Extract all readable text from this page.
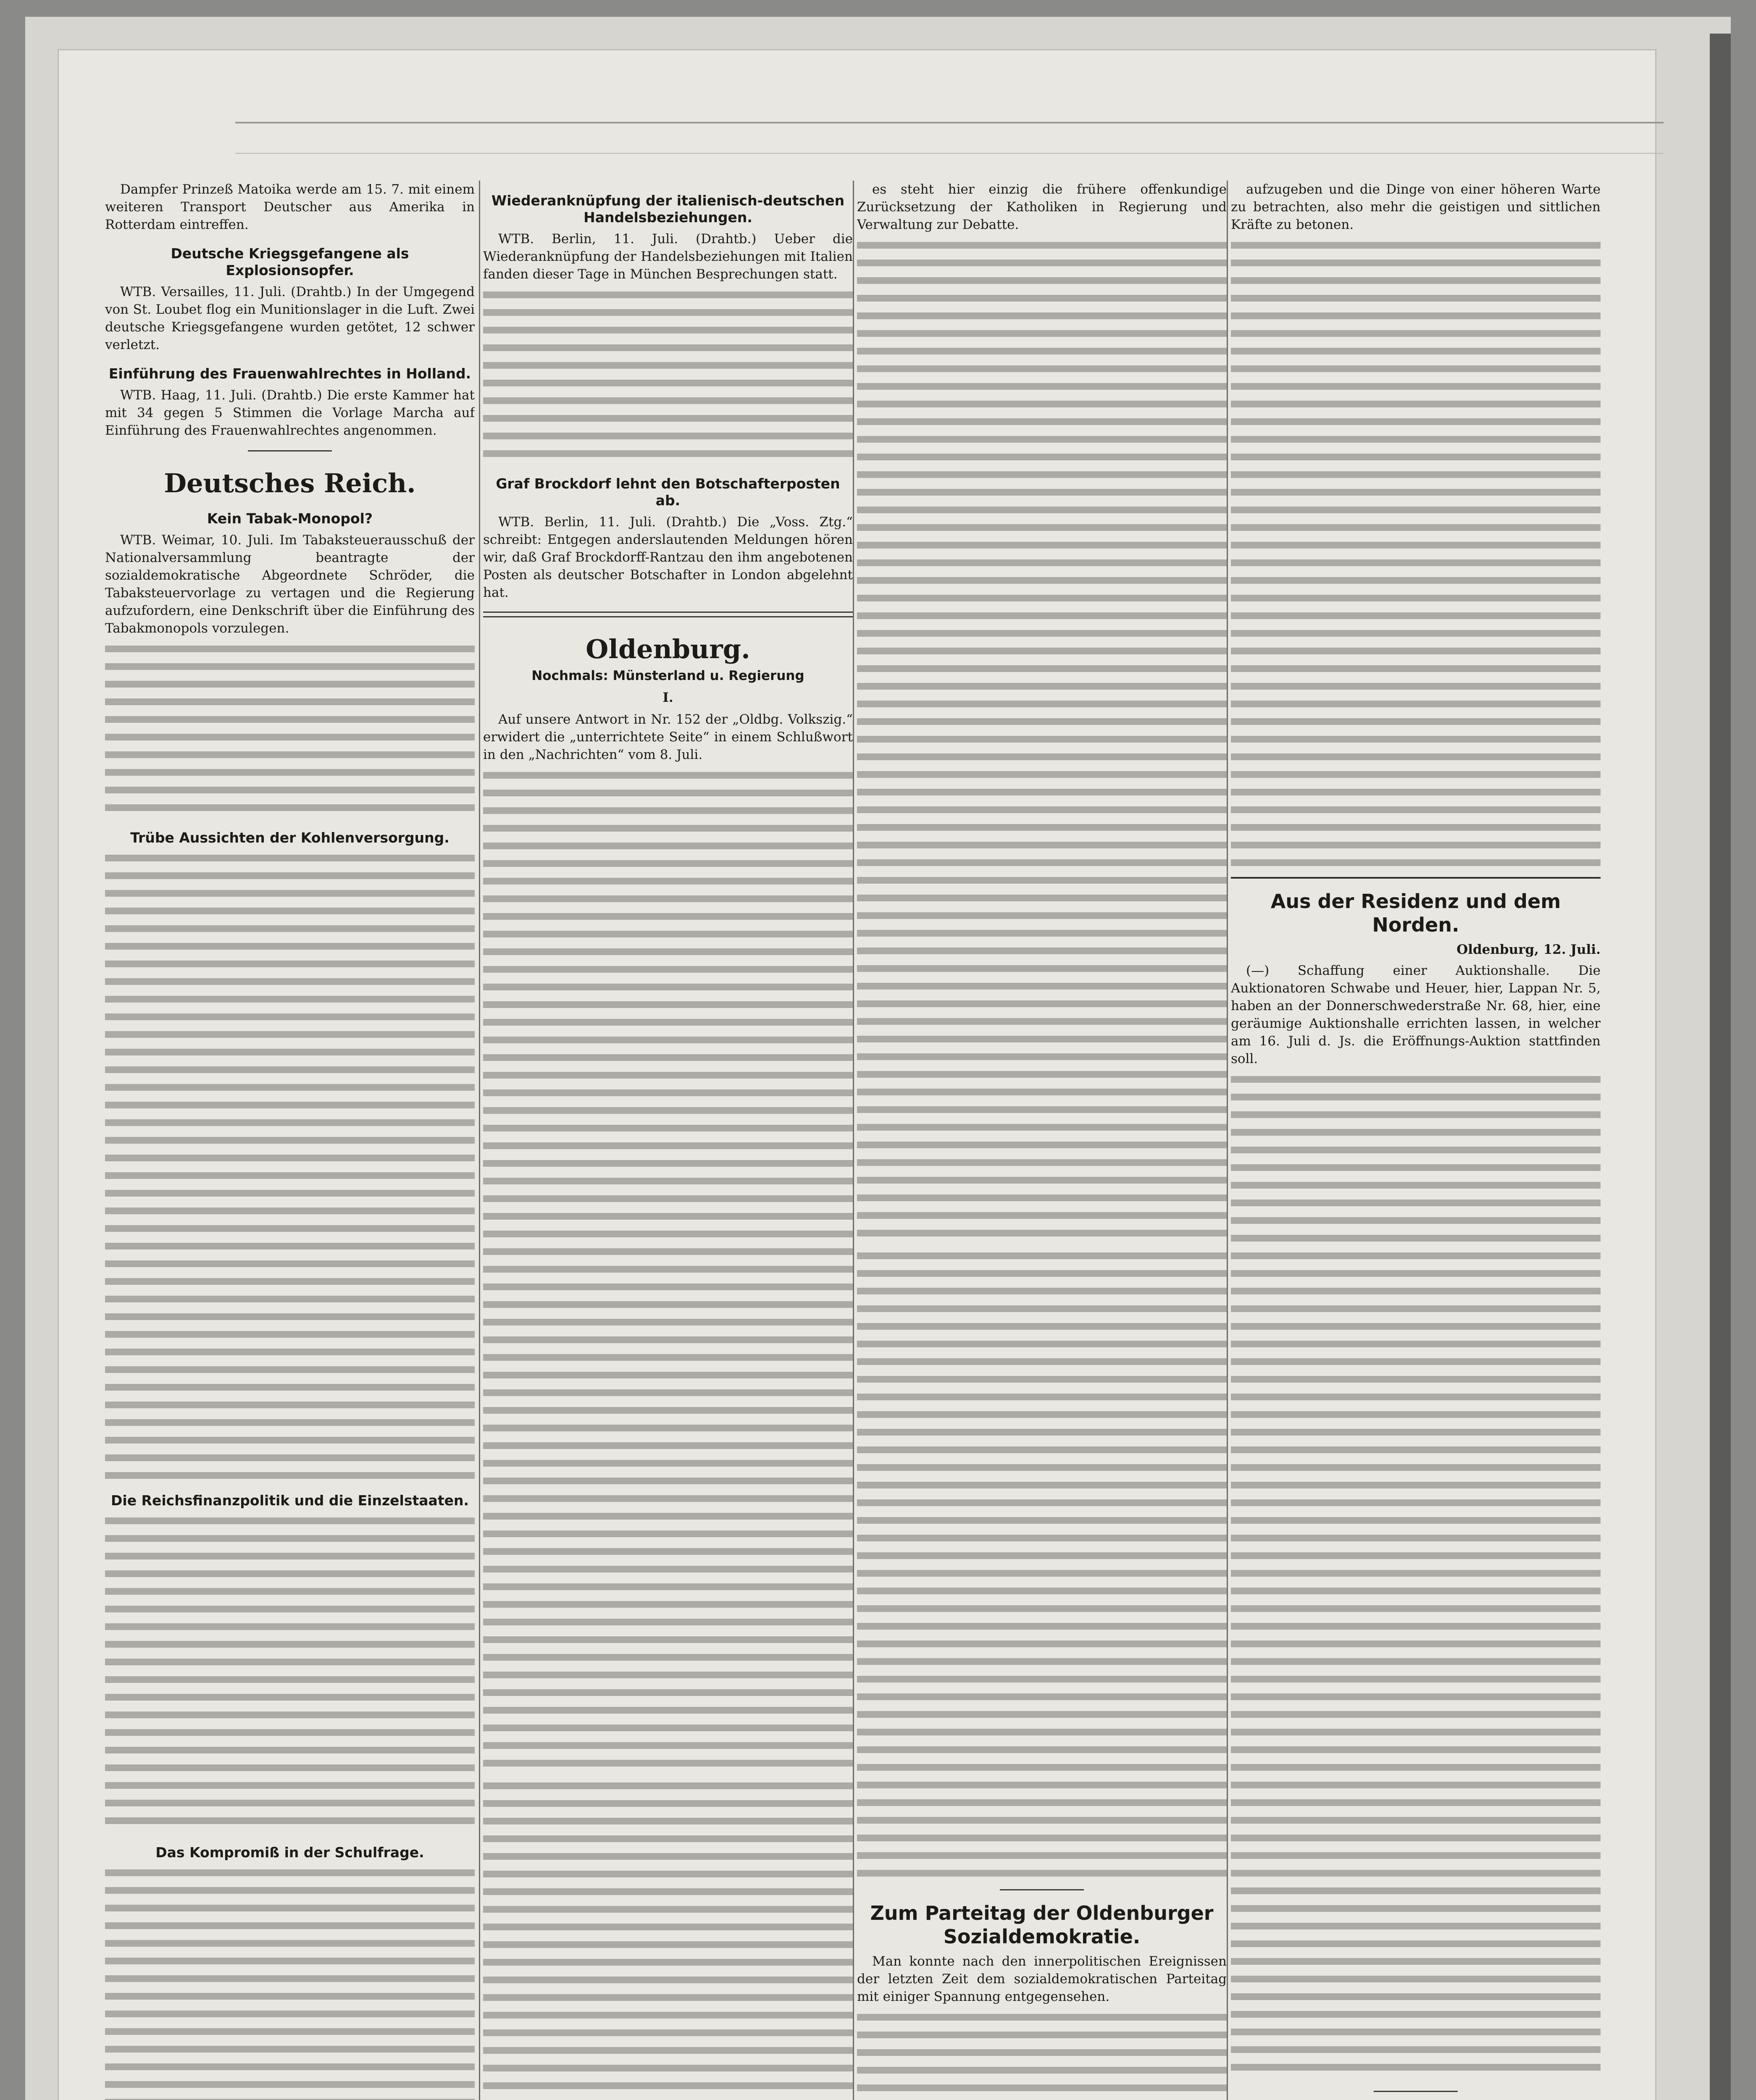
Dampfer Prinzeß Matoika werde am 15. 7. mit einem weiteren Transport Deutscher aus Amerika in Rotterdam eintreffen.

Deutsche Kriegsgefangene als Explosionsopfer.

WTB. Versailles, 11. Juli. (Drahtb.) In der Umgegend von St. Loubet flog ein Munitionslager in die Luft. Zwei deutsche Kriegsgefangene wurden getötet, 12 schwer verletzt.

Einführung des Frauenwahlrechtes in Holland.

WTB. Haag, 11. Juli. (Drahtb.) Die erste Kammer hat mit 34 gegen 5 Stimmen die Vorlage Marcha auf Einführung des Frauenwahlrechtes angenommen.

Deutsches Reich.
Kein Tabak-Monopol?

WTB. Weimar, 10. Juli. Im Tabaksteuerausschuß der Nationalversammlung beantragte der sozialdemokratische Abgeordnete Schröder, die Tabaksteuervorlage zu vertagen und die Regierung aufzufordern, eine Denkschrift über die Einführung des Tabakmonopols vorzulegen.

Trübe Aussichten der Kohlenversorgung.
Die Reichsfinanzpolitik und die Einzelstaaten.
Das Kompromiß in der Schulfrage.
Wiederanknüpfung der italienisch-deutschen Handelsbeziehungen.

WTB. Berlin, 11. Juli. (Drahtb.) Ueber die Wiederanknüpfung der Handelsbeziehungen mit Italien fanden dieser Tage in München Besprechungen statt.

Graf Brockdorf lehnt den Botschafterposten ab.

WTB. Berlin, 11. Juli. (Drahtb.) Die „Voss. Ztg.“ schreibt: Entgegen anderslautenden Meldungen hören wir, daß Graf Brockdorff-Rantzau den ihm angebotenen Posten als deutscher Botschafter in London abgelehnt hat.

Oldenburg.
Nochmals: Münsterland u. Regierung
I.

Auf unsere Antwort in Nr. 152 der „Oldbg. Volkszig.“ erwidert die „unterrichtete Seite“ in einem Schlußwort in den „Nachrichten“ vom 8. Juli.

es steht hier einzig die frühere offenkundige Zurücksetzung der Katholiken in Regierung und Verwaltung zur Debatte.

Zum Parteitag der Oldenburger Sozialdemokratie.

Man konnte nach den innerpolitischen Ereignissen der letzten Zeit dem sozialdemokratischen Parteitag mit einiger Spannung entgegensehen.

aufzugeben und die Dinge von einer höheren Warte zu betrachten, also mehr die geistigen und sittlichen Kräfte zu betonen.

Aus der Residenz und dem Norden.
Oldenburg, 12. Juli.

(—) Schaffung einer Auktionshalle. Die Auktionatoren Schwabe und Heuer, hier, Lappan Nr. 5, haben an der Donnerschwederstraße Nr. 68, hier, eine geräumige Auktionshalle errichten lassen, in welcher am 16. Juli d. Js. die Eröffnungs-Auktion stattfinden soll.
